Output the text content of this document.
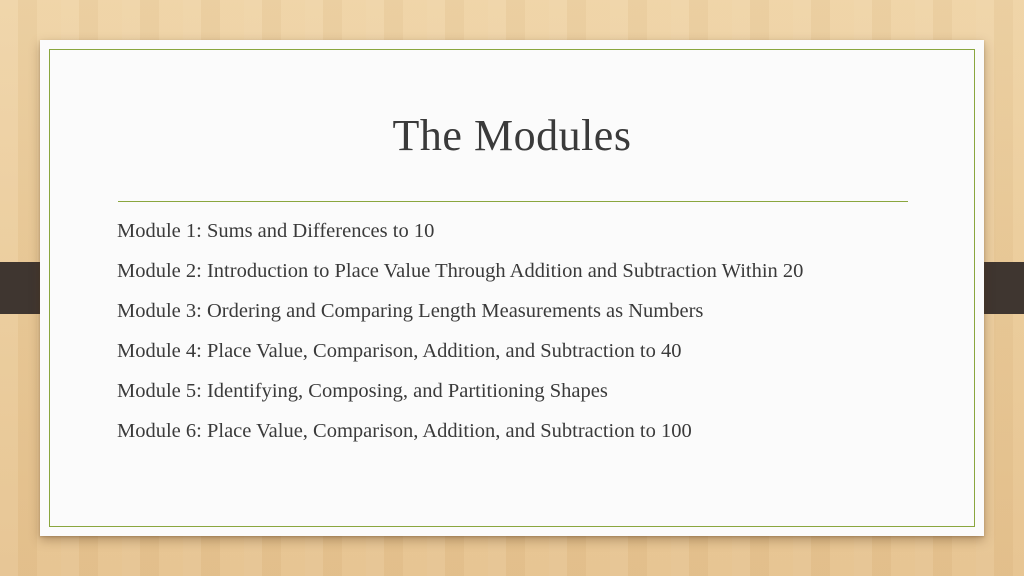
The Modules
Module 1: Sums and Differences to 10
Module 2: Introduction to Place Value Through Addition and Subtraction Within 20
Module 3: Ordering and Comparing Length Measurements as Numbers
Module 4: Place Value, Comparison, Addition, and Subtraction to 40
Module 5: Identifying, Composing, and Partitioning Shapes
Module 6: Place Value, Comparison, Addition, and Subtraction to 100
